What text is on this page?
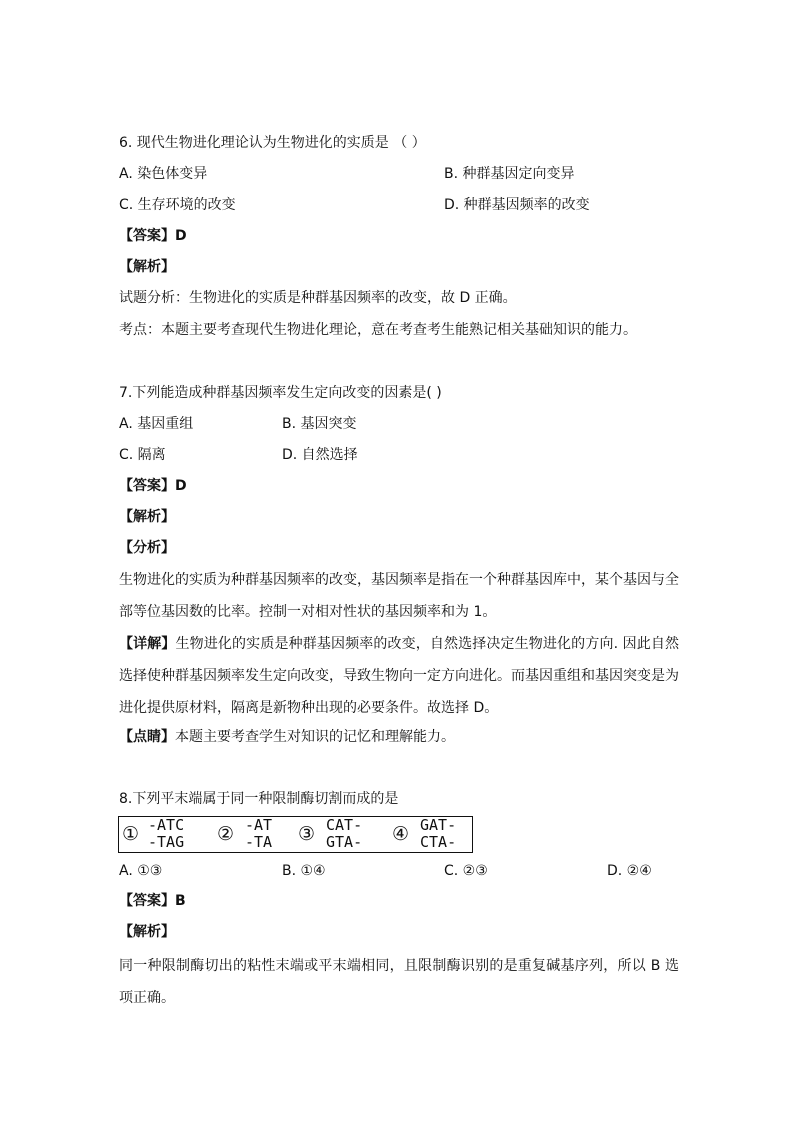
6. 现代生物进化理论认为生物进化的实质是 （ ）
A. 染色体变异	B. 种群基因定向变异
C. 生存环境的改变	D. 种群基因频率的改变
【答案】D
【解析】
试题分析：生物进化的实质是种群基因频率的改变，故 D 正确。
考点：本题主要考查现代生物进化理论，意在考查考生能熟记相关基础知识的能力。
7.下列能造成种群基因频率发生定向改变的因素是( )
A. 基因重组	B. 基因突变
C. 隔离	D. 自然选择
【答案】D
【解析】
【分析】
生物进化的实质为种群基因频率的改变，基因频率是指在一个种群基因库中，某个基因与全部等位基因数的比率。控制一对相对性状的基因频率和为 1。
【详解】生物进化的实质是种群基因频率的改变，自然选择决定生物进化的方向. 因此自然选择使种群基因频率发生定向改变，导致生物向一定方向进化。而基因重组和基因突变是为进化提供原材料，隔离是新物种出现的必要条件。故选择 D。
【点睛】本题主要考查学生对知识的记忆和理解能力。
8.下列平末端属于同一种限制酶切割而成的是
① -ATC
-TAG ② -AT
-TA ③ CAT-
GTA- ④ GAT-
CTA-
A. ①③	B. ①④	C. ②③	D. ②④
【答案】B
【解析】
同一种限制酶切出的粘性末端或平末端相同，且限制酶识别的是重复碱基序列，所以 B 选项正确。
